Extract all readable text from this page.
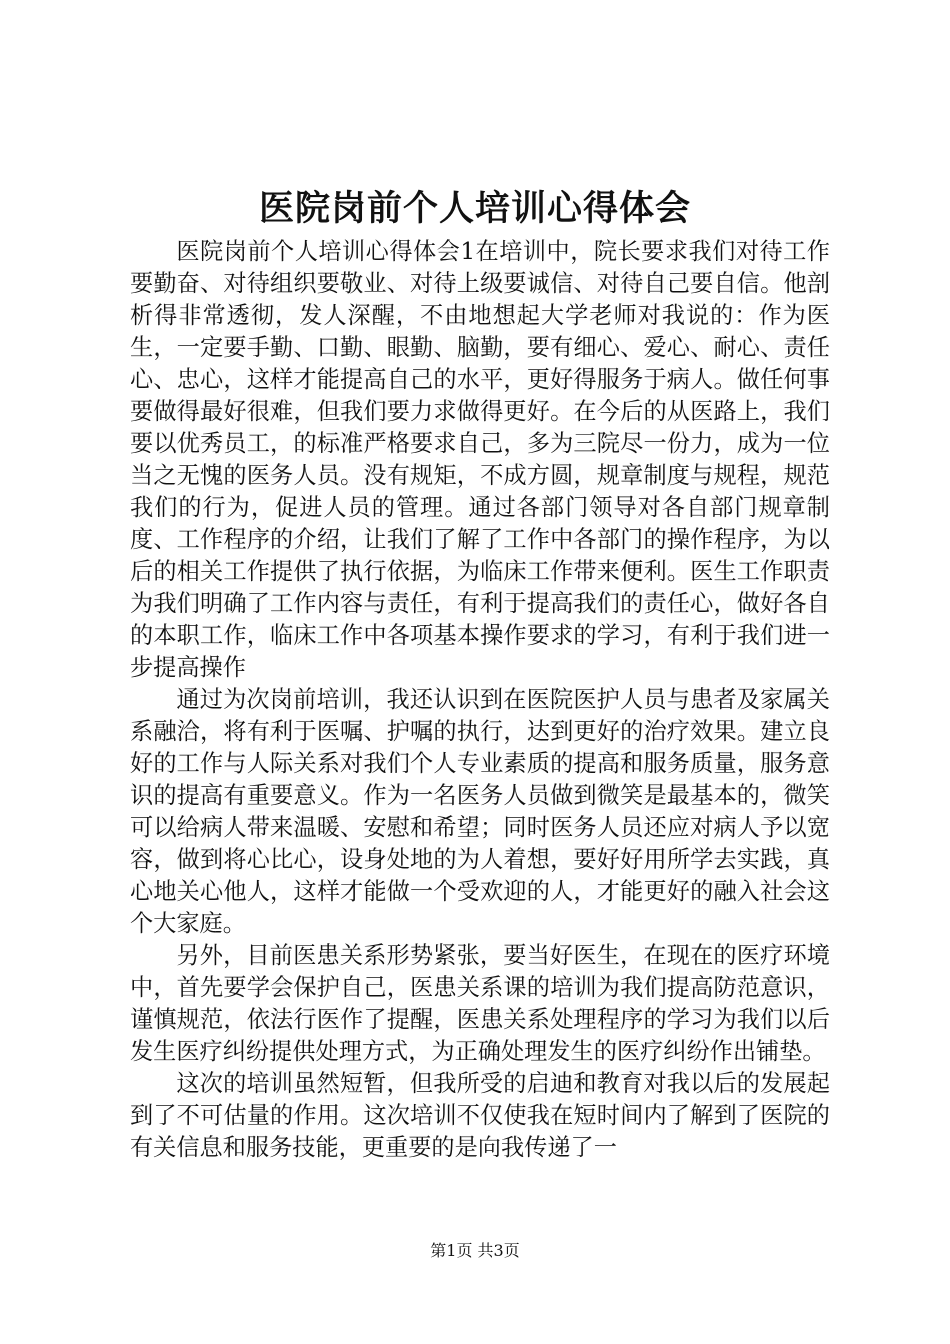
医院岗前个人培训心得体会

医院岗前个人培训心得体会1在培训中，院长要求我们对待工作要勤奋、对待组织要敬业、对待上级要诚信、对待自己要自信。他剖析得非常透彻，发人深醒，不由地想起大学老师对我说的：作为医生，一定要手勤、口勤、眼勤、脑勤，要有细心、爱心、耐心、责任心、忠心，这样才能提高自己的水平，更好得服务于病人。做任何事要做得最好很难，但我们要力求做得更好。在今后的从医路上，我们要以优秀员工，的标准严格要求自己，多为三院尽一份力，成为一位当之无愧的医务人员。没有规矩，不成方圆，规章制度与规程，规范我们的行为，促进人员的管理。通过各部门领导对各自部门规章制度、工作程序的介绍，让我们了解了工作中各部门的操作程序，为以后的相关工作提供了执行依据，为临床工作带来便利。医生工作职责为我们明确了工作内容与责任，有利于提高我们的责任心，做好各自的本职工作，临床工作中各项基本操作要求的学习，有利于我们进一步提高操作

通过为次岗前培训，我还认识到在医院医护人员与患者及家属关系融洽，将有利于医嘱、护嘱的执行，达到更好的治疗效果。建立良好的工作与人际关系对我们个人专业素质的提高和服务质量，服务意识的提高有重要意义。作为一名医务人员做到微笑是最基本的，微笑可以给病人带来温暖、安慰和希望；同时医务人员还应对病人予以宽容，做到将心比心，设身处地的为人着想，要好好用所学去实践，真心地关心他人，这样才能做一个受欢迎的人，才能更好的融入社会这个大家庭。

另外，目前医患关系形势紧张，要当好医生，在现在的医疗环境中，首先要学会保护自己，医患关系课的培训为我们提高防范意识，谨慎规范，依法行医作了提醒，医患关系处理程序的学习为我们以后发生医疗纠纷提供处理方式，为正确处理发生的医疗纠纷作出铺垫。

这次的培训虽然短暂，但我所受的启迪和教育对我以后的发展起到了不可估量的作用。这次培训不仅使我在短时间内了解到了医院的有关信息和服务技能，更重要的是向我传递了一

第1页 共3页
